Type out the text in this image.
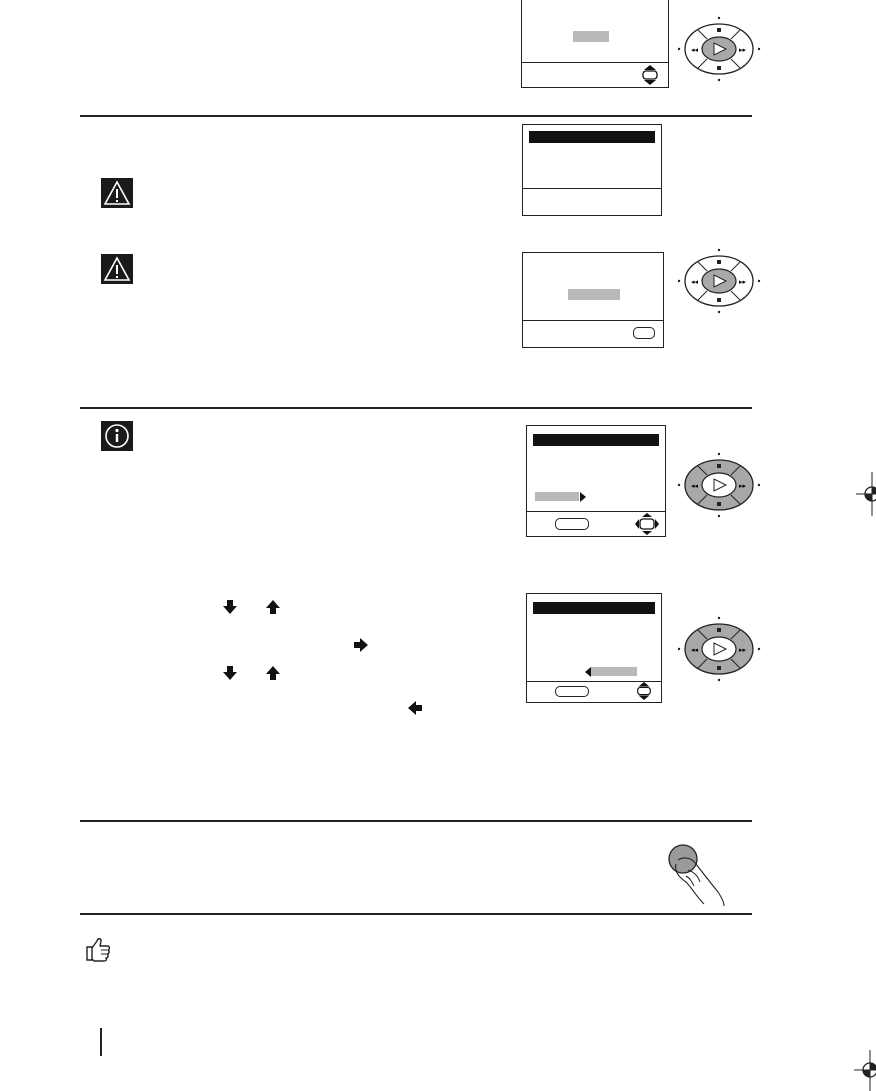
◂◂	▸▸
◂◂	▸▸
◂◂	▸▸
◂◂	▸▸
